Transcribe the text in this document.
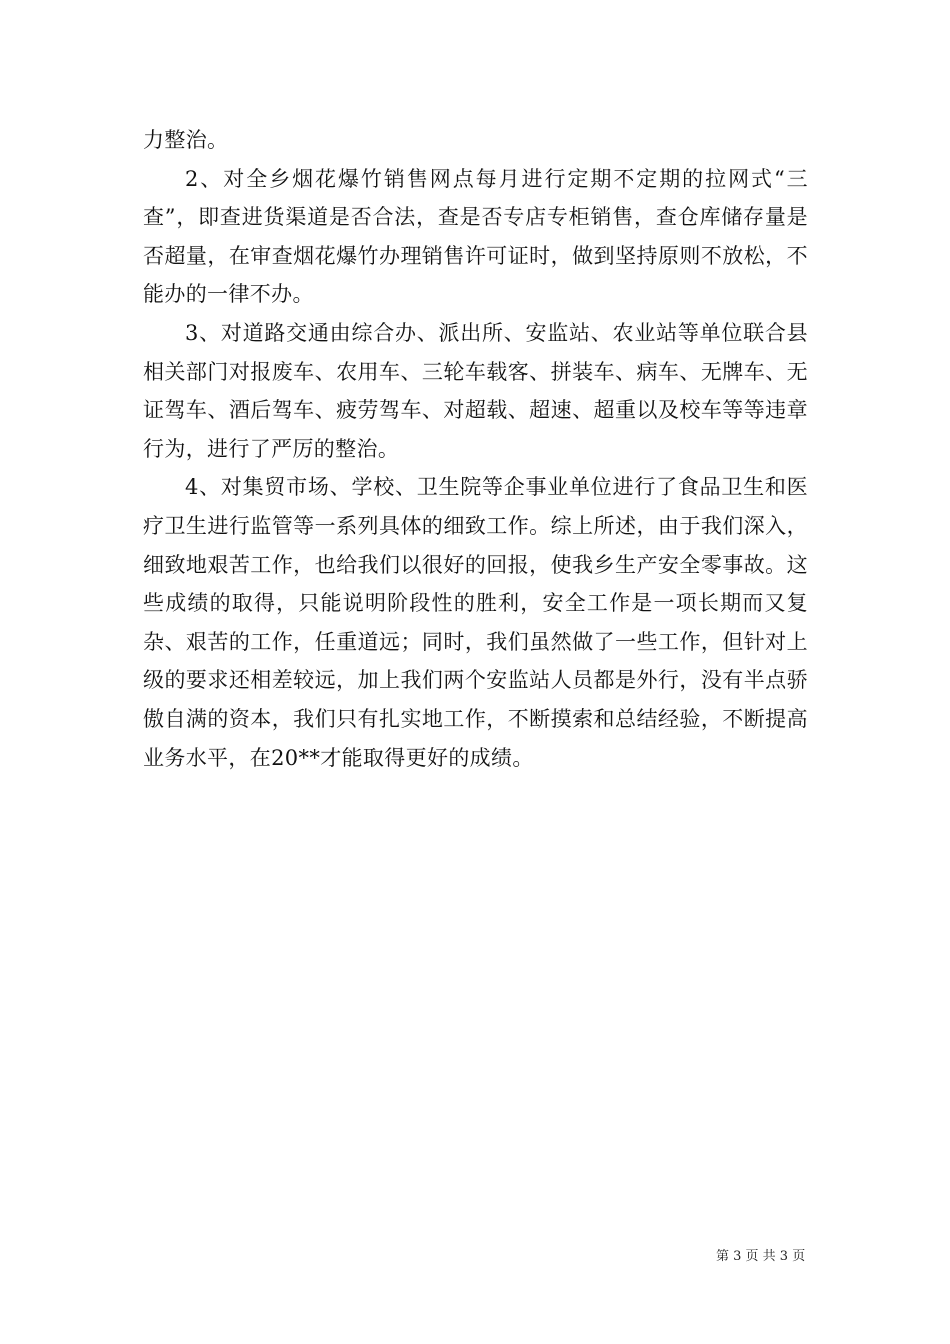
力整治。

2、对全乡烟花爆竹销售网点每月进行定期不定期的拉网式“三查”，即查进货渠道是否合法，查是否专店专柜销售，查仓库储存量是否超量，在审查烟花爆竹办理销售许可证时，做到坚持原则不放松，不能办的一律不办。

3、对道路交通由综合办、派出所、安监站、农业站等单位联合县相关部门对报废车、农用车、三轮车载客、拼装车、病车、无牌车、无证驾车、酒后驾车、疲劳驾车、对超载、超速、超重以及校车等等违章行为，进行了严厉的整治。

4、对集贸市场、学校、卫生院等企事业单位进行了食品卫生和医疗卫生进行监管等一系列具体的细致工作。综上所述，由于我们深入，细致地艰苦工作，也给我们以很好的回报，使我乡生产安全零事故。这些成绩的取得，只能说明阶段性的胜利，安全工作是一项长期而又复杂、艰苦的工作，任重道远；同时，我们虽然做了一些工作，但针对上级的要求还相差较远，加上我们两个安监站人员都是外行，没有半点骄傲自满的资本，我们只有扎实地工作，不断摸索和总结经验，不断提高业务水平，在20**才能取得更好的成绩。

第 3 页 共 3 页
